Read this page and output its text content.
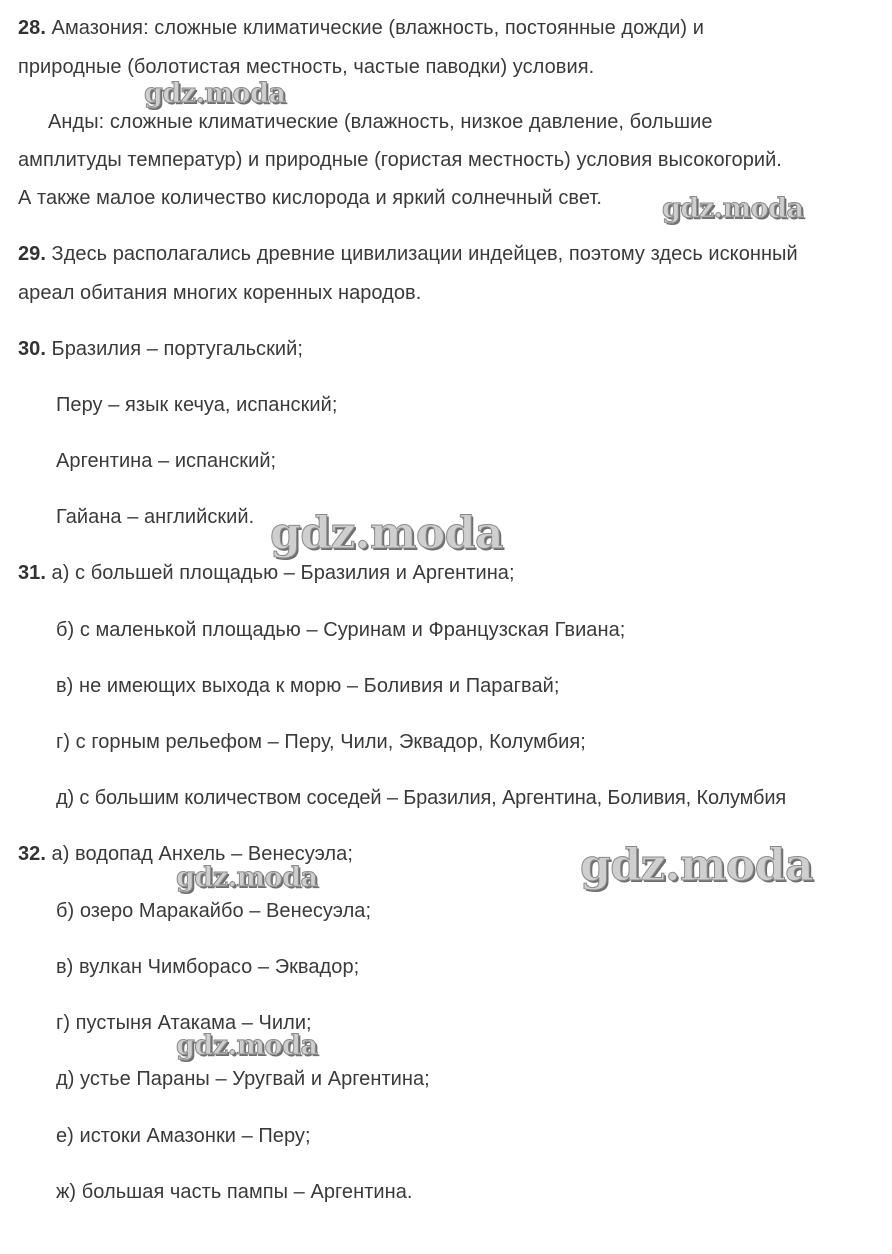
28. Амазония: сложные климатические (влажность, постоянные дожди) и
природные (болотистая местность, частые паводки) условия.
Анды: сложные климатические (влажность, низкое давление, большие
амплитуды температур) и природные (гористая местность) условия высокогорий.
А также малое количество кислорода и яркий солнечный свет.
29. Здесь располагались древние цивилизации индейцев, поэтому здесь исконный
ареал обитания многих коренных народов.
30. Бразилия – португальский;
Перу – язык кечуа, испанский;
Аргентина – испанский;
Гайана – английский.
31. а) с большей площадью – Бразилия и Аргентина;
б) с маленькой площадью – Суринам и Французская Гвиана;
в) не имеющих выхода к морю – Боливия и Парагвай;
г) с горным рельефом – Перу, Чили, Эквадор, Колумбия;
д) с большим количеством соседей – Бразилия, Аргентина, Боливия, Колумбия
32. а) водопад Анхель – Венесуэла;
б) озеро Маракайбо – Венесуэла;
в) вулкан Чимборасо – Эквадор;
г) пустыня Атакама – Чили;
д) устье Параны – Уругвай и Аргентина;
е) истоки Амазонки – Перу;
ж) большая часть пампы – Аргентина.
gdz.moda
gdz.moda
gdz.moda
gdz.moda
gdz.moda
gdz.moda
